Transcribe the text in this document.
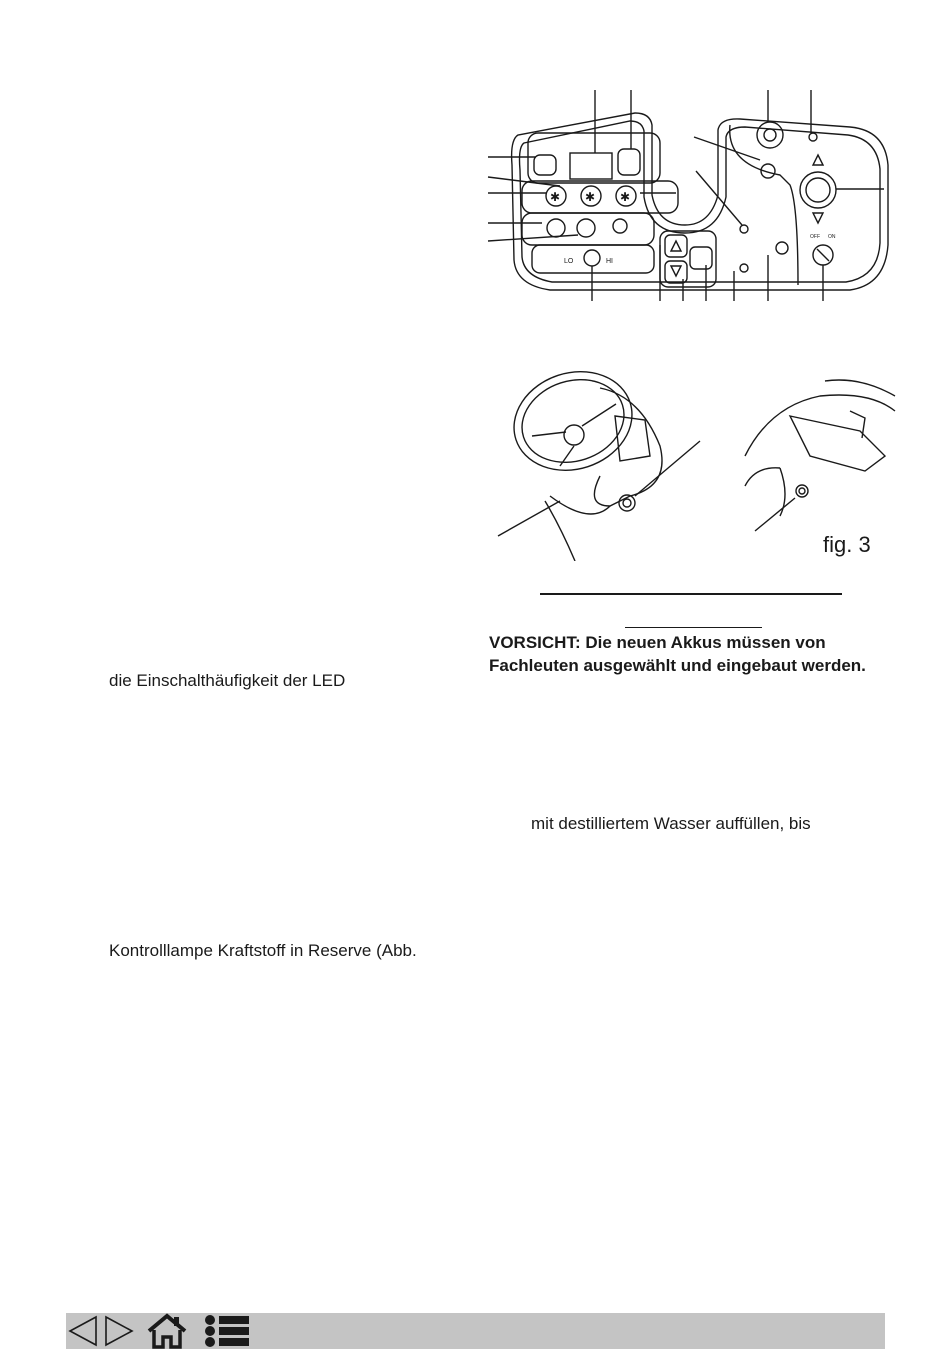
die Einschalthäufigkeit der LED
Kontrolllampe Kraftstoff in Reserve (Abb.
✱ ✱ ✱
LO	HI
OFF ON
fig. 3
VORSICHT: Die neuen Akkus müssen von Fachleuten ausgewählt und eingebaut werden.
mit destilliertem Wasser auffüllen, bis
